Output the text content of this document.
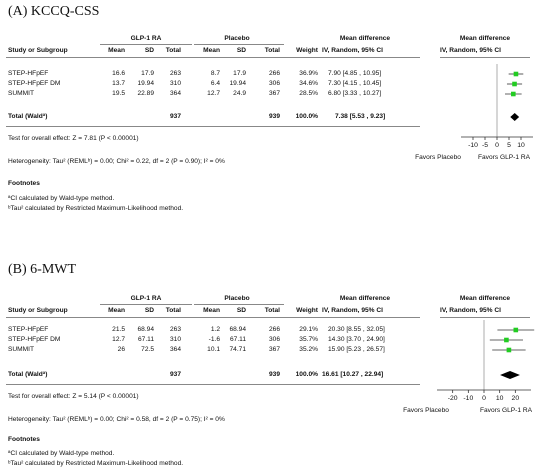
(A) KCCQ-CSS
GLP-1 RA	Placebo	Mean difference	Mean difference
Study or Subgroup	Mean	SD	Total	Mean	SD	Total	Weight IV, Random, 95% CI	IV, Random, 95% CI
STEP-HFpEF	16.6	17.9	263	8.7	17.9	266	36.9% 7.90 [4.85 , 10.95]
STEP-HFpEF DM	13.7	19.94	310	6.4	19.94	306	34.6% 7.30 [4.15 , 10.45]
SUMMIT	19.5	22.89	364	12.7	24.9	367	28.5% 6.80 [3.33 , 10.27]
Total (Waldª)	937	939	100.0%	7.38 [5.53 , 9.23]
Test for overall effect: Z = 7.81 (P < 0.00001)
Heterogeneity: Tau² (REMLᵇ) = 0.00; Chi² = 0.22, df = 2 (P = 0.90); I² = 0%
Footnotes
ªCI calculated by Wald-type method.
ᵇTau² calculated by Restricted Maximum-Likelihood method.
Favors Placebo	Favors GLP-1 RA
-10 -5 0 5 10
(B) 6-MWT
GLP-1 RA	Placebo	Mean difference	Mean difference
Study or Subgroup	Mean	SD	Total	Mean	SD	Total	Weight IV, Random, 95% CI	IV, Random, 95% CI
STEP-HFpEF	21.5	68.94	263	1.2	68.94	266	29.1% 20.30 [8.55 , 32.05]
STEP-HFpEF DM	12.7	67.11	310	-1.6	67.11	306	35.7% 14.30 [3.70 , 24.90]
SUMMIT	26	72.5	364	10.1	74.71	367	35.2% 15.90 [5.23 , 26.57]
Total (Waldª)	937	939	100.0% 16.61 [10.27 , 22.94]
Test for overall effect: Z = 5.14 (P < 0.00001)
Heterogeneity: Tau² (REMLᵇ) = 0.00; Chi² = 0.58, df = 2 (P = 0.75); I² = 0%
Footnotes
ªCI calculated by Wald-type method.
ᵇTau² calculated by Restricted Maximum-Likelihood method.
Favors Placebo	Favors GLP-1 RA
-20 -10 0 10 20
